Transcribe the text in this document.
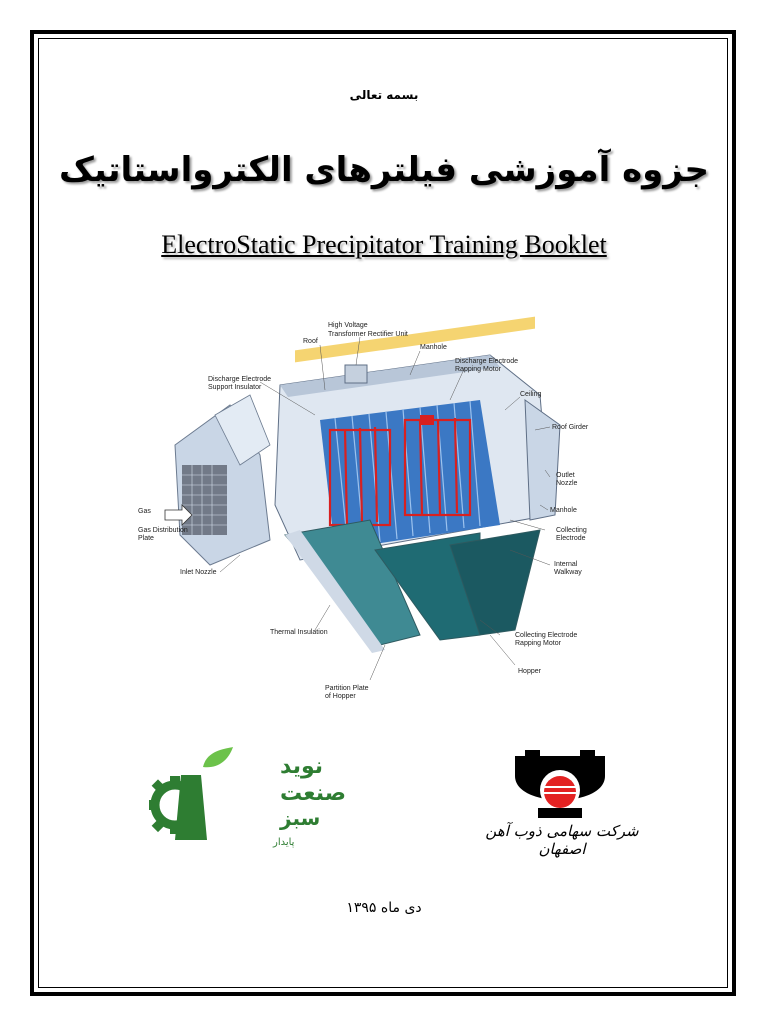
بسمه تعالی
جزوه آموزشی فیلترهای الکترواستاتیک
ElectroStatic Precipitator Training Booklet
Roof
High Voltage
Transformer Rectifier Unit
Manhole
Discharge Electrode
Rapping Motor
Discharge Electrode
Support Insulator
Ceiling
Roof Girder
Outlet
Nozzle
Manhole
Collecting
Electrode
Internal
Walkway
Gas
Gas Distribution
Plate
Inlet Nozzle
Thermal Insulation	Collecting Electrode
Rapping Motor
Hopper
Partition Plate
of Hopper
نوید
صنعت
سبز
پایدار
شرکت سهامی ذوب آهن اصفهان
دی ماه ۱۳۹۵
